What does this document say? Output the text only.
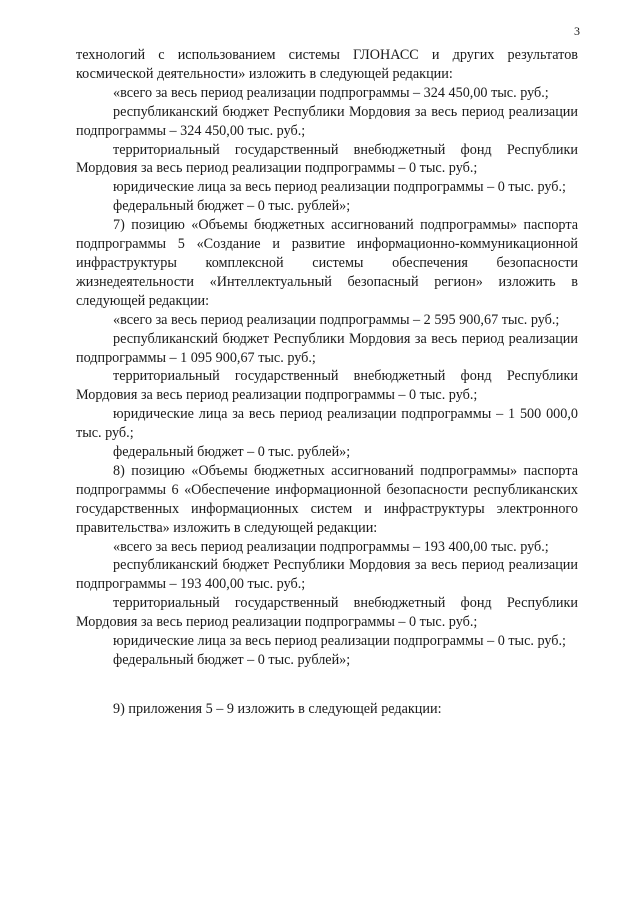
3

технологий с использованием системы ГЛОНАСС и других результатов космической деятельности» изложить в следующей редакции:

«всего за весь период реализации подпрограммы – 324 450,00 тыс. руб.;

республиканский бюджет Республики Мордовия за весь период реализации подпрограммы – 324 450,00 тыс. руб.;

территориальный государственный внебюджетный фонд Республики Мордовия за весь период реализации подпрограммы – 0 тыс. руб.;

юридические лица за весь период реализации подпрограммы – 0 тыс. руб.;

федеральный бюджет – 0 тыс. рублей»;

7) позицию «Объемы бюджетных ассигнований подпрограммы» паспорта подпрограммы 5 «Создание и развитие информационно-коммуникационной инфраструктуры комплексной системы обеспечения безопасности жизнедеятельности «Интеллектуальный безопасный регион» изложить в следующей редакции:

«всего за весь период реализации подпрограммы – 2 595 900,67 тыс. руб.;

республиканский бюджет Республики Мордовия за весь период реализации подпрограммы – 1 095 900,67 тыс. руб.;

территориальный государственный внебюджетный фонд Республики Мордовия за весь период реализации подпрограммы – 0 тыс. руб.;

юридические лица за весь период реализации подпрограммы – 1 500 000,0 тыс. руб.;

федеральный бюджет – 0 тыс. рублей»;

8) позицию «Объемы бюджетных ассигнований подпрограммы» паспорта подпрограммы 6 «Обеспечение информационной безопасности республиканских государственных информационных систем и инфраструктуры электронного правительства» изложить в следующей редакции:

«всего за весь период реализации подпрограммы – 193 400,00 тыс. руб.;

республиканский бюджет Республики Мордовия за весь период реализации подпрограммы – 193 400,00 тыс. руб.;

территориальный государственный внебюджетный фонд Республики Мордовия за весь период реализации подпрограммы – 0 тыс. руб.;

юридические лица за весь период реализации подпрограммы – 0 тыс. руб.;

федеральный бюджет – 0 тыс. рублей»;

9) приложения 5 – 9 изложить в следующей редакции:
